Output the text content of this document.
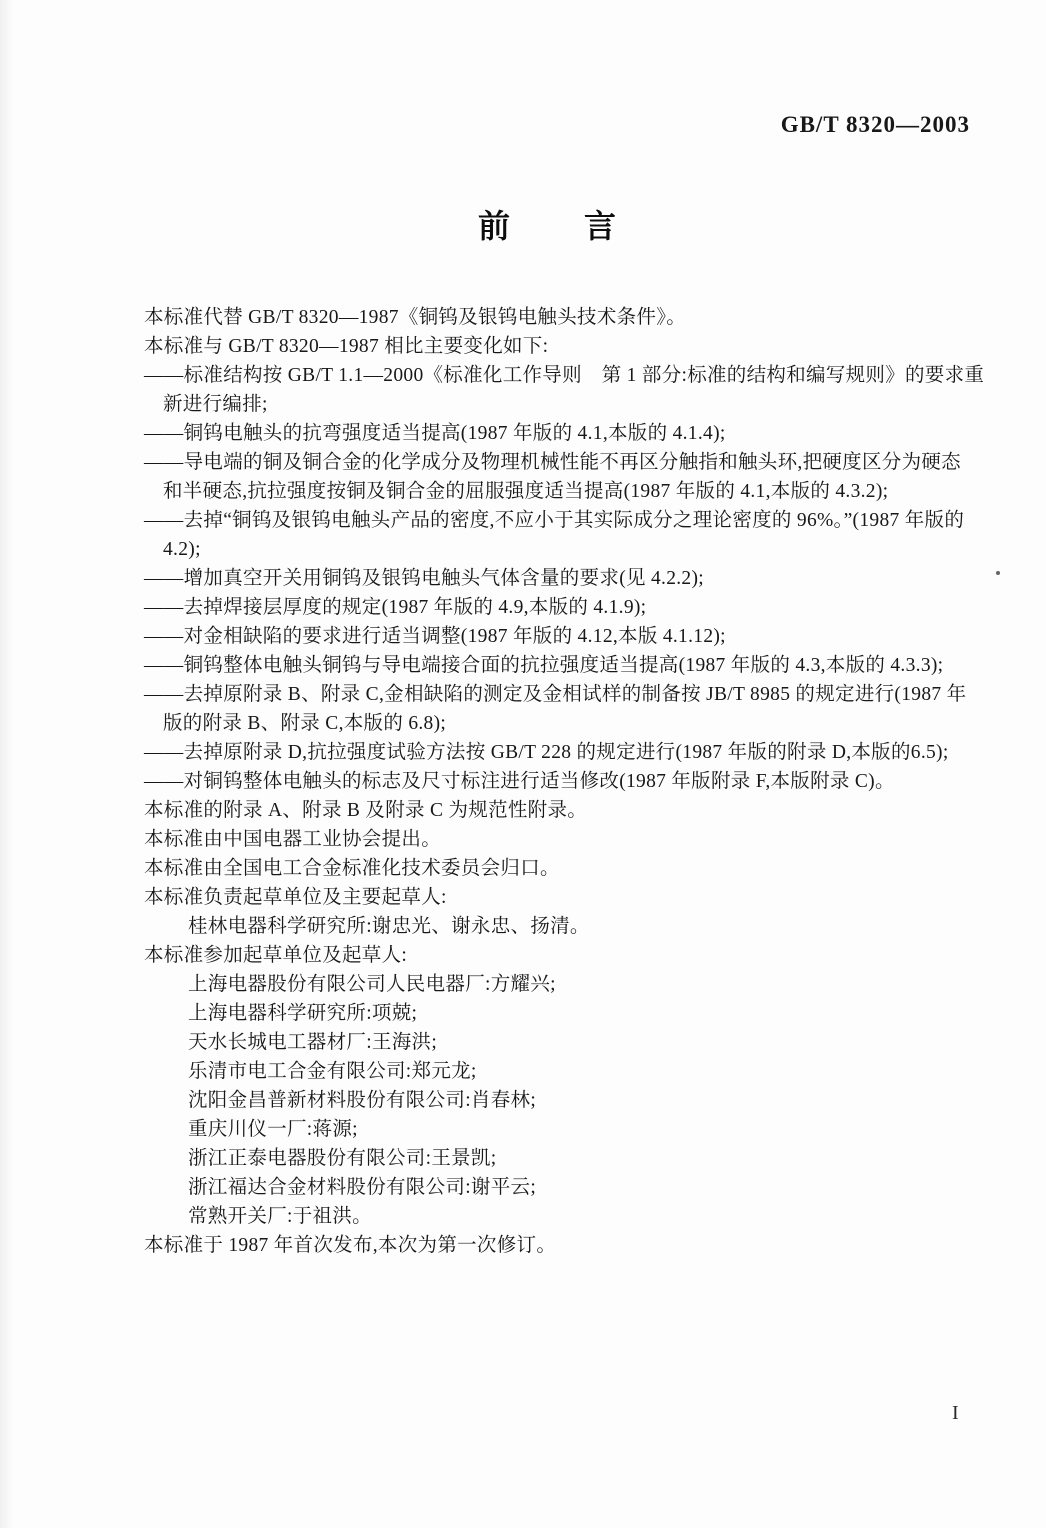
GB/T 8320—2003
前 言
本标准代替 GB/T 8320—1987《铜钨及银钨电触头技术条件》。
本标准与 GB/T 8320—1987 相比主要变化如下:
——标准结构按 GB/T 1.1—2000《标准化工作导则　第 1 部分:标准的结构和编写规则》的要求重
新进行编排;
——铜钨电触头的抗弯强度适当提高(1987 年版的 4.1,本版的 4.1.4);
——导电端的铜及铜合金的化学成分及物理机械性能不再区分触指和触头环,把硬度区分为硬态
和半硬态,抗拉强度按铜及铜合金的屈服强度适当提高(1987 年版的 4.1,本版的 4.3.2);
——去掉“铜钨及银钨电触头产品的密度,不应小于其实际成分之理论密度的 96%。”(1987 年版的
4.2);
——增加真空开关用铜钨及银钨电触头气体含量的要求(见 4.2.2);
——去掉焊接层厚度的规定(1987 年版的 4.9,本版的 4.1.9);
——对金相缺陷的要求进行适当调整(1987 年版的 4.12,本版 4.1.12);
——铜钨整体电触头铜钨与导电端接合面的抗拉强度适当提高(1987 年版的 4.3,本版的 4.3.3);
——去掉原附录 B、附录 C,金相缺陷的测定及金相试样的制备按 JB/T 8985 的规定进行(1987 年
版的附录 B、附录 C,本版的 6.8);
——去掉原附录 D,抗拉强度试验方法按 GB/T 228 的规定进行(1987 年版的附录 D,本版的6.5);
——对铜钨整体电触头的标志及尺寸标注进行适当修改(1987 年版附录 F,本版附录 C)。
本标准的附录 A、附录 B 及附录 C 为规范性附录。
本标准由中国电器工业协会提出。
本标准由全国电工合金标准化技术委员会归口。
本标准负责起草单位及主要起草人:
桂林电器科学研究所:谢忠光、谢永忠、扬清。
本标准参加起草单位及起草人:
上海电器股份有限公司人民电器厂:方耀兴;
上海电器科学研究所:项兢;
天水长城电工器材厂:王海洪;
乐清市电工合金有限公司:郑元龙;
沈阳金昌普新材料股份有限公司:肖春林;
重庆川仪一厂:蒋源;
浙江正泰电器股份有限公司:王景凯;
浙江福达合金材料股份有限公司:谢平云;
常熟开关厂:于祖洪。
本标准于 1987 年首次发布,本次为第一次修订。
I
